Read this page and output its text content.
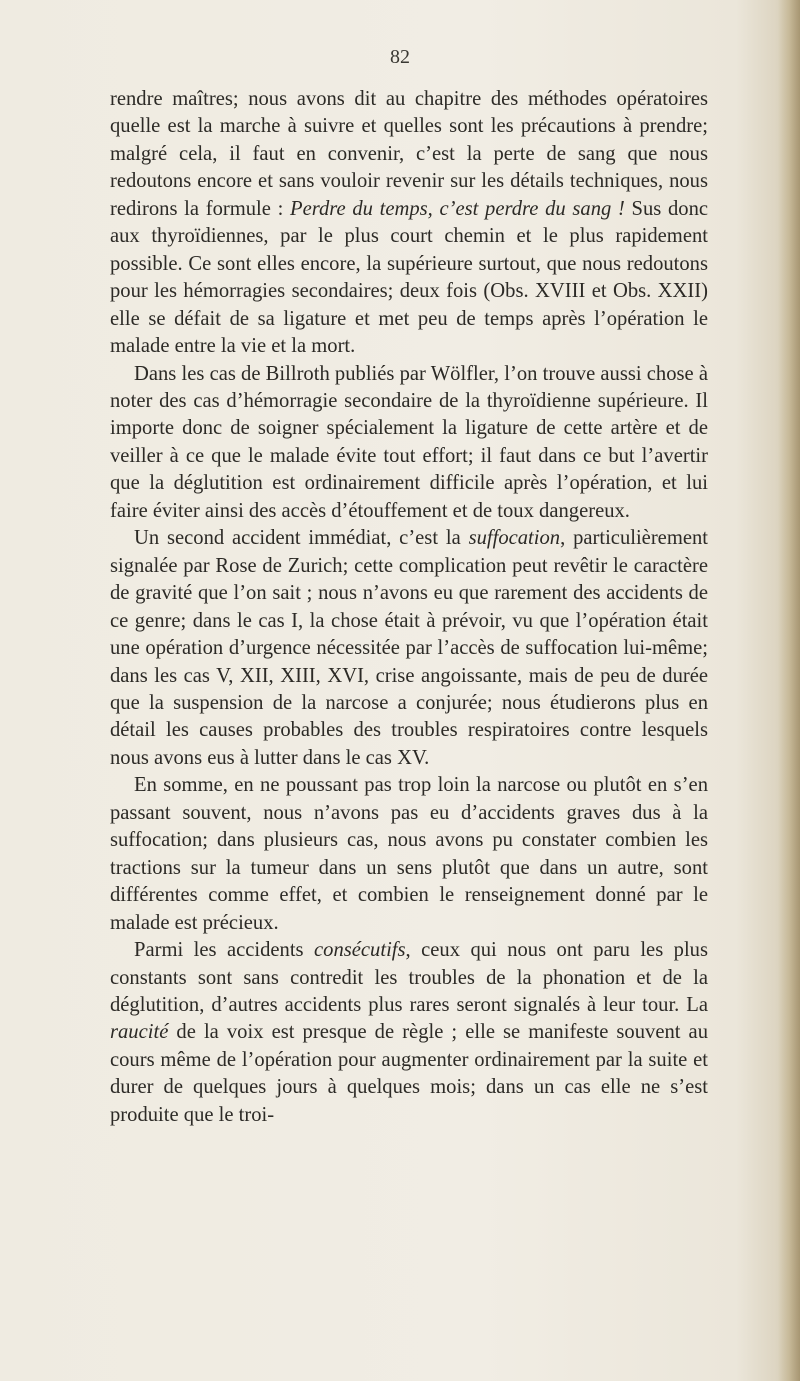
82

rendre maîtres; nous avons dit au chapitre des méthodes opératoires quelle est la marche à suivre et quelles sont les précautions à prendre; malgré cela, il faut en convenir, c’est la perte de sang que nous redoutons encore et sans vouloir revenir sur les détails techniques, nous redirons la formule : Perdre du temps, c’est perdre du sang ! Sus donc aux thyroïdiennes, par le plus court chemin et le plus rapidement possible. Ce sont elles encore, la supérieure surtout, que nous redoutons pour les hémorragies secondaires; deux fois (Obs. XVIII et Obs. XXII) elle se défait de sa ligature et met peu de temps après l’opération le malade entre la vie et la mort.

Dans les cas de Billroth publiés par Wölfler, l’on trouve aussi chose à noter des cas d’hémorragie secondaire de la thyroïdienne supérieure. Il importe donc de soigner spécialement la ligature de cette artère et de veiller à ce que le malade évite tout effort; il faut dans ce but l’avertir que la déglutition est ordinairement difficile après l’opération, et lui faire éviter ainsi des accès d’étouffement et de toux dangereux.

Un second accident immédiat, c’est la suffocation, particulièrement signalée par Rose de Zurich; cette complication peut revêtir le caractère de gravité que l’on sait ; nous n’avons eu que rarement des accidents de ce genre; dans le cas I, la chose était à prévoir, vu que l’opération était une opération d’urgence nécessitée par l’accès de suffocation lui-même; dans les cas V, XII, XIII, XVI, crise angoissante, mais de peu de durée que la suspension de la narcose a conjurée; nous étudierons plus en détail les causes probables des troubles respiratoires contre lesquels nous avons eus à lutter dans le cas XV.

En somme, en ne poussant pas trop loin la narcose ou plutôt en s’en passant souvent, nous n’avons pas eu d’accidents graves dus à la suffocation; dans plusieurs cas, nous avons pu constater combien les tractions sur la tumeur dans un sens plutôt que dans un autre, sont différentes comme effet, et combien le renseignement donné par le malade est précieux.

Parmi les accidents consécutifs, ceux qui nous ont paru les plus constants sont sans contredit les troubles de la phonation et de la déglutition, d’autres accidents plus rares seront signalés à leur tour. La raucité de la voix est presque de règle ; elle se manifeste souvent au cours même de l’opération pour augmenter ordinairement par la suite et durer de quelques jours à quelques mois; dans un cas elle ne s’est produite que le troi-
